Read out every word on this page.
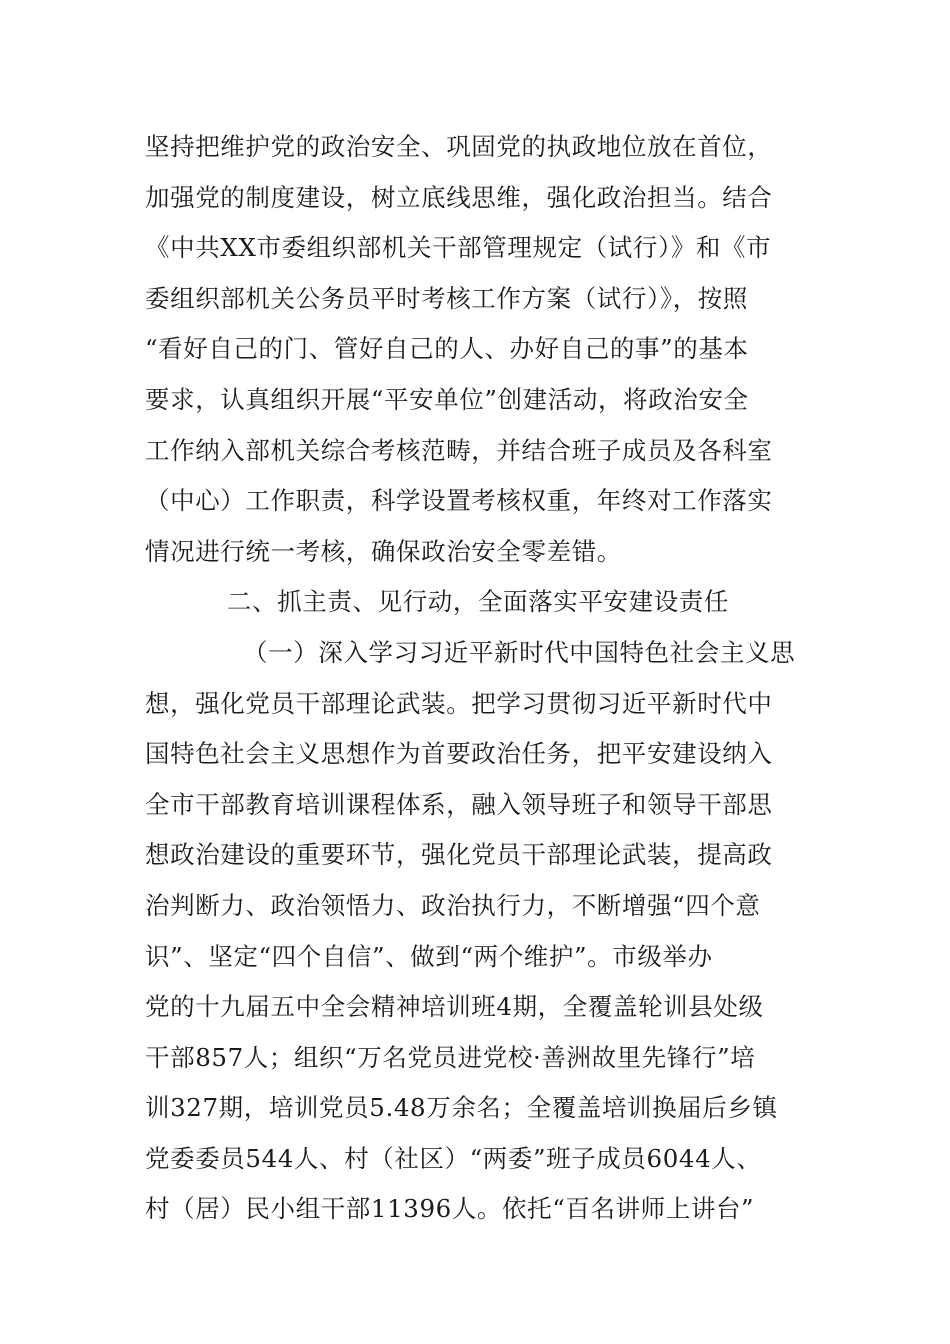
坚持把维护党的政治安全、巩固党的执政地位放在首位，
加强党的制度建设，树立底线思维，强化政治担当。结合
《中共XX市委组织部机关干部管理规定（试行）》和《市
委组织部机关公务员平时考核工作方案（试行）》，按照
“看好自己的门、管好自己的人、办好自己的事”的基本
要求，认真组织开展“平安单位”创建活动，将政治安全
工作纳入部机关综合考核范畴，并结合班子成员及各科室
（中心）工作职责，科学设置考核权重，年终对工作落实
情况进行统一考核，确保政治安全零差错。
二、抓主责、见行动，全面落实平安建设责任
（一）深入学习习近平新时代中国特色社会主义思
想，强化党员干部理论武装。把学习贯彻习近平新时代中
国特色社会主义思想作为首要政治任务，把平安建设纳入
全市干部教育培训课程体系，融入领导班子和领导干部思
想政治建设的重要环节，强化党员干部理论武装，提高政
治判断力、政治领悟力、政治执行力，不断增强“四个意
识”、坚定“四个自信”、做到“两个维护”。市级举办
党的十九届五中全会精神培训班4期，全覆盖轮训县处级
干部857人；组织“万名党员进党校·善洲故里先锋行”培
训327期，培训党员5.48万余名；全覆盖培训换届后乡镇
党委委员544人、村（社区）“两委”班子成员6044人、
村（居）民小组干部11396人。依托“百名讲师上讲台”
